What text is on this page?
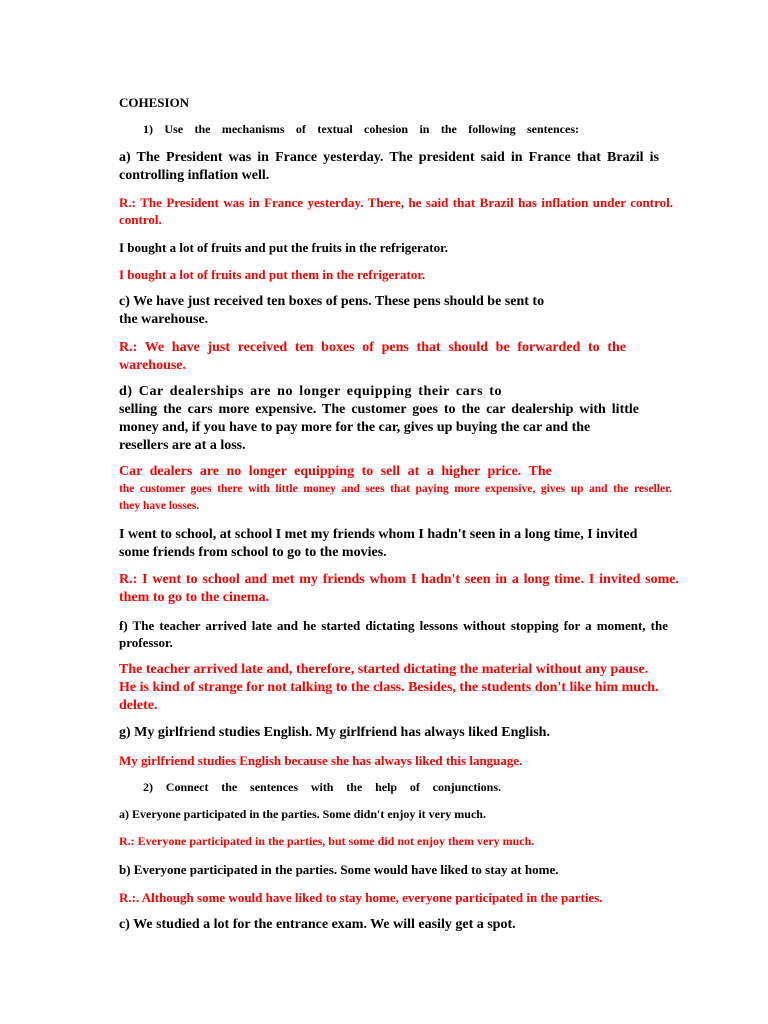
COHESION

1) Use the mechanisms of textual cohesion in the following sentences:

a) The President was in France yesterday. The president said in France that Brazil is controlling inflation well.

R.: The President was in France yesterday. There, he said that Brazil has inflation under control.
control.

I bought a lot of fruits and put the fruits in the refrigerator.

I bought a lot of fruits and put them in the refrigerator.

c) We have just received ten boxes of pens. These pens should be sent to
the warehouse.
R.: We have just received ten boxes of pens that should be forwarded to the
warehouse.
d) Car dealerships are no longer equipping their cars to
selling the cars more expensive. The customer goes to the car dealership with little
money and, if you have to pay more for the car, gives up buying the car and the
resellers are at a loss.
Car dealers are no longer equipping to sell at a higher price. The
the customer goes there with little money and sees that paying more expensive, gives up and the reseller.
they have losses.
I went to school, at school I met my friends whom I hadn't seen in a long time, I invited
some friends from school to go to the movies.
R.: I went to school and met my friends whom I hadn't seen in a long time. I invited some.
them to go to the cinema.
f) The teacher arrived late and he started dictating lessons without stopping for a moment, the
professor.
The teacher arrived late and, therefore, started dictating the material without any pause.
He is kind of strange for not talking to the class. Besides, the students don't like him much.
delete.

g) My girlfriend studies English. My girlfriend has always liked English.

My girlfriend studies English because she has always liked this language.

2) Connect the sentences with the help of conjunctions.

a) Everyone participated in the parties. Some didn't enjoy it very much.

R.: Everyone participated in the parties, but some did not enjoy them very much.

b) Everyone participated in the parties. Some would have liked to stay at home.

R.:. Although some would have liked to stay home, everyone participated in the parties.

c) We studied a lot for the entrance exam. We will easily get a spot.
